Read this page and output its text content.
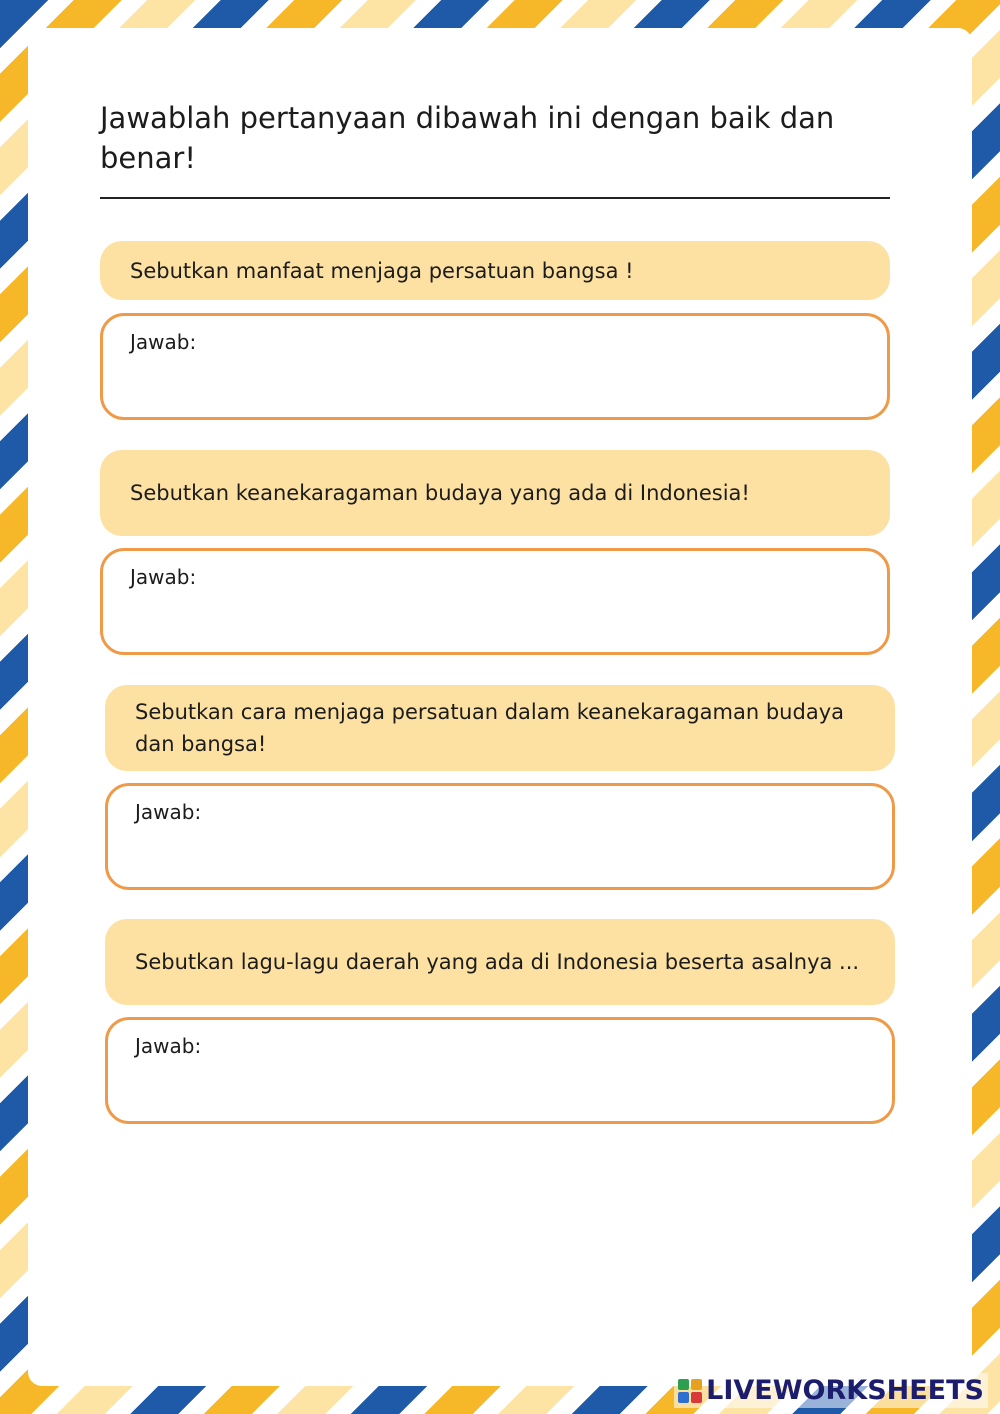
Jawablah pertanyaan dibawah ini dengan baik dan benar!
Sebutkan manfaat menjaga persatuan bangsa !
Jawab:
Sebutkan keanekaragaman budaya yang ada di Indonesia!
Jawab:
Sebutkan cara menjaga persatuan dalam keanekaragaman budaya dan bangsa!
Jawab:
Sebutkan lagu-lagu daerah yang ada di Indonesia beserta asalnya ...
Jawab:
LIVEWORKSHEETS
